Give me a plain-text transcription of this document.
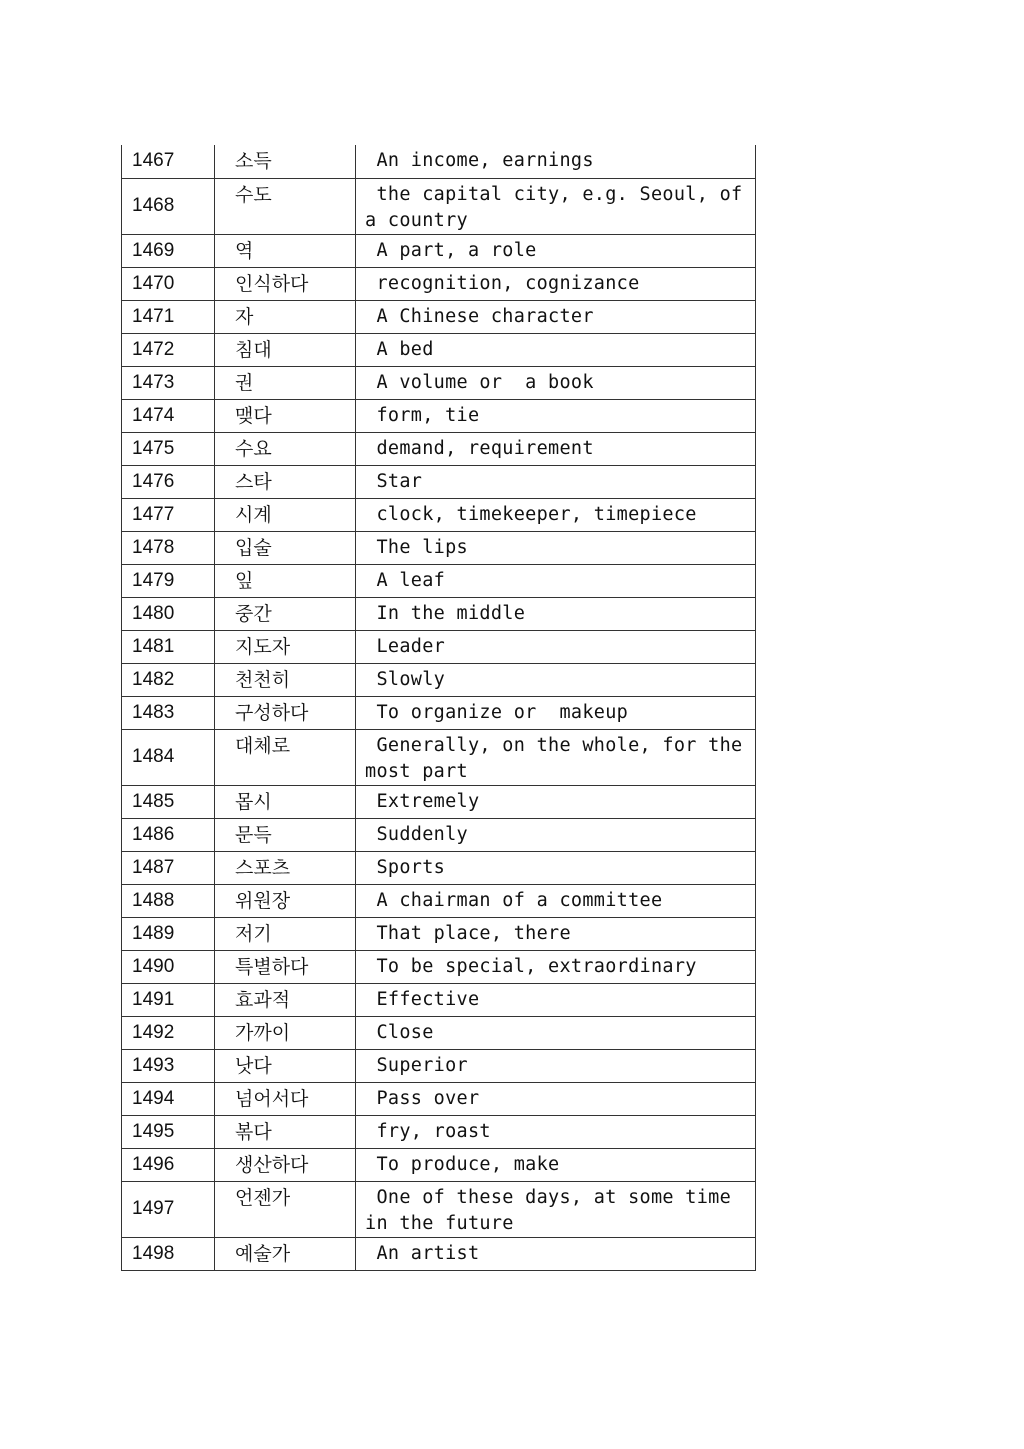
1467	소득	An income, earnings
1468	수도	the capital city, e.g. Seoul, of a country
1469	역	A part, a role
1470	인식하다	recognition, cognizance
1471	자	A Chinese character
1472	침대	A bed
1473	권	A volume or  a book
1474	맺다	form, tie
1475	수요	demand, requirement
1476	스타	Star
1477	시계	clock, timekeeper, timepiece
1478	입술	The lips
1479	잎	A leaf
1480	중간	In the middle
1481	지도자	Leader
1482	천천히	Slowly
1483	구성하다	To organize or  makeup
1484	대체로	Generally, on the whole, for the most part
1485	몹시	Extremely
1486	문득	Suddenly
1487	스포츠	Sports
1488	위원장	A chairman of a committee
1489	저기	That place, there
1490	특별하다	To be special, extraordinary
1491	효과적	Effective
1492	가까이	Close
1493	낫다	Superior
1494	넘어서다	Pass over
1495	볶다	fry, roast
1496	생산하다	To produce, make
1497	언젠가	One of these days, at some time in the future
1498	예술가	An artist
